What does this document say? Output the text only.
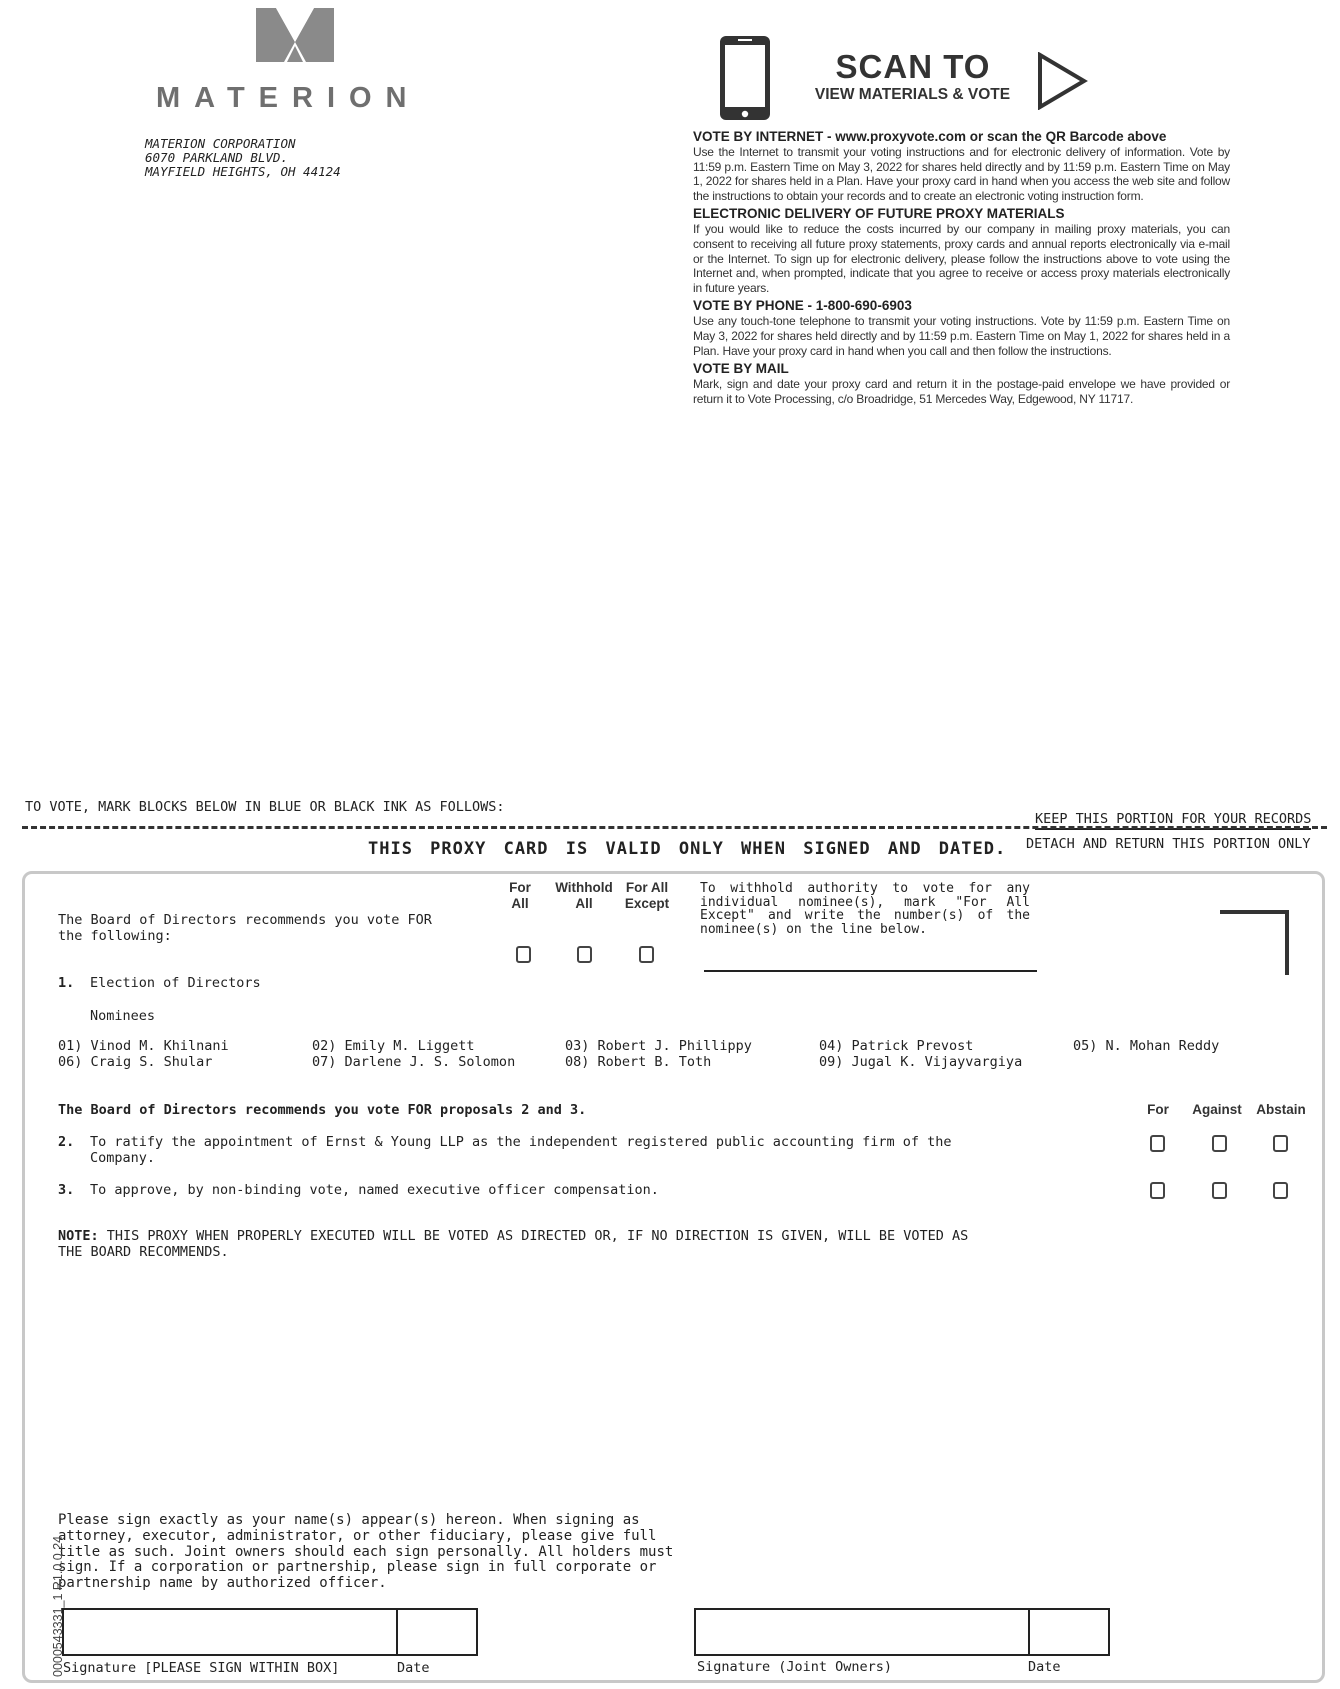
MATERION
MATERION CORPORATION
6070 PARKLAND BLVD.
MAYFIELD HEIGHTS, OH 44124
SCAN TO
VIEW MATERIALS & VOTE
VOTE BY INTERNET - www.proxyvote.com or scan the QR Barcode above
Use the Internet to transmit your voting instructions and for electronic delivery of information. Vote by 11:59 p.m. Eastern Time on May 3, 2022 for shares held directly and by 11:59 p.m. Eastern Time on May 1, 2022 for shares held in a Plan. Have your proxy card in hand when you access the web site and follow the instructions to obtain your records and to create an electronic voting instruction form.
ELECTRONIC DELIVERY OF FUTURE PROXY MATERIALS
If you would like to reduce the costs incurred by our company in mailing proxy materials, you can consent to receiving all future proxy statements, proxy cards and annual reports electronically via e-mail or the Internet. To sign up for electronic delivery, please follow the instructions above to vote using the Internet and, when prompted, indicate that you agree to receive or access proxy materials electronically in future years.
VOTE BY PHONE - 1-800-690-6903
Use any touch-tone telephone to transmit your voting instructions. Vote by 11:59 p.m. Eastern Time on May 3, 2022 for shares held directly and by 11:59 p.m. Eastern Time on May 1, 2022 for shares held in a Plan. Have your proxy card in hand when you call and then follow the instructions.
VOTE BY MAIL
Mark, sign and date your proxy card and return it in the postage-paid envelope we have provided or return it to Vote Processing, c/o Broadridge, 51 Mercedes Way, Edgewood, NY 11717.
TO VOTE, MARK BLOCKS BELOW IN BLUE OR BLACK INK AS FOLLOWS:
KEEP THIS PORTION FOR YOUR RECORDS
THIS PROXY CARD IS VALID ONLY WHEN SIGNED AND DATED. DETACH AND RETURN THIS PORTION ONLY
The Board of Directors recommends you vote FOR the following:
For All
Withhold All
For All Except
To withhold authority to vote for any individual nominee(s), mark "For All Except" and write the number(s) of the nominee(s) on the line below.
1. Election of Directors
Nominees
01) Vinod M. Khilnani	02) Emily M. Liggett	03) Robert J. Phillippy	04) Patrick Prevost	05) N. Mohan Reddy
06) Craig S. Shular	07) Darlene J. S. Solomon	08) Robert B. Toth	09) Jugal K. Vijayvargiya
The Board of Directors recommends you vote FOR proposals 2 and 3.	For	Against	Abstain
2. To ratify the appointment of Ernst & Young LLP as the independent registered public accounting firm of the Company.
3. To approve, by non-binding vote, named executive officer compensation.
NOTE: THIS PROXY WHEN PROPERLY EXECUTED WILL BE VOTED AS DIRECTED OR, IF NO DIRECTION IS GIVEN, WILL BE VOTED AS THE BOARD RECOMMENDS.
Please sign exactly as your name(s) appear(s) hereon. When signing as attorney, executor, administrator, or other fiduciary, please give full title as such. Joint owners should each sign personally. All holders must sign. If a corporation or partnership, please sign in full corporate or partnership name by authorized officer.
Signature [PLEASE SIGN WITHIN BOX]	Date	Signature (Joint Owners)	Date
0000543331_1 R1.0.0.24
